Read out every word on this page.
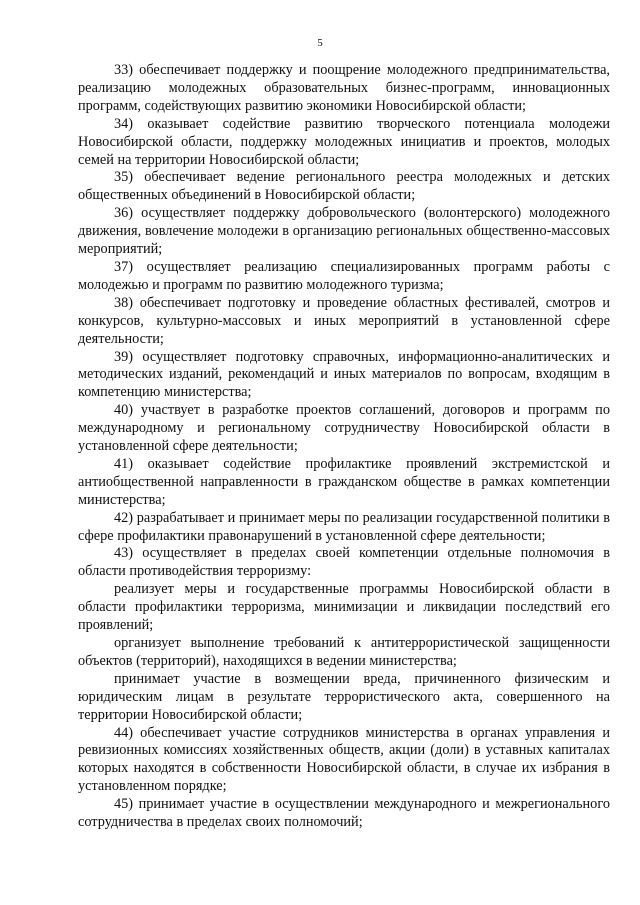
5

33) обеспечивает поддержку и поощрение молодежного предпринимательства, реализацию молодежных образовательных бизнес-программ, инновационных программ, содействующих развитию экономики Новосибирской области;

34) оказывает содействие развитию творческого потенциала молодежи Новосибирской области, поддержку молодежных инициатив и проектов, молодых семей на территории Новосибирской области;

35) обеспечивает ведение регионального реестра молодежных и детских общественных объединений в Новосибирской области;

36) осуществляет поддержку добровольческого (волонтерского) молодежного движения, вовлечение молодежи в организацию региональных общественно-массовых мероприятий;

37) осуществляет реализацию специализированных программ работы с молодежью и программ по развитию молодежного туризма;

38) обеспечивает подготовку и проведение областных фестивалей, смотров и конкурсов, культурно-массовых и иных мероприятий в установленной сфере деятельности;

39) осуществляет подготовку справочных, информационно-аналитических и методических изданий, рекомендаций и иных материалов по вопросам, входящим в компетенцию министерства;

40) участвует в разработке проектов соглашений, договоров и программ по международному и региональному сотрудничеству Новосибирской области в установленной сфере деятельности;

41) оказывает содействие профилактике проявлений экстремистской и антиобщественной направленности в гражданском обществе в рамках компетенции министерства;

42) разрабатывает и принимает меры по реализации государственной политики в сфере профилактики правонарушений в установленной сфере деятельности;

43) осуществляет в пределах своей компетенции отдельные полномочия в области противодействия терроризму:

реализует меры и государственные программы Новосибирской области в области профилактики терроризма, минимизации и ликвидации последствий его проявлений;

организует выполнение требований к антитеррористической защищенности объектов (территорий), находящихся в ведении министерства;

принимает участие в возмещении вреда, причиненного физическим и юридическим лицам в результате террористического акта, совершенного на территории Новосибирской области;

44) обеспечивает участие сотрудников министерства в органах управления и ревизионных комиссиях хозяйственных обществ, акции (доли) в уставных капиталах которых находятся в собственности Новосибирской области, в случае их избрания в установленном порядке;

45) принимает участие в осуществлении международного и межрегионального сотрудничества в пределах своих полномочий;
